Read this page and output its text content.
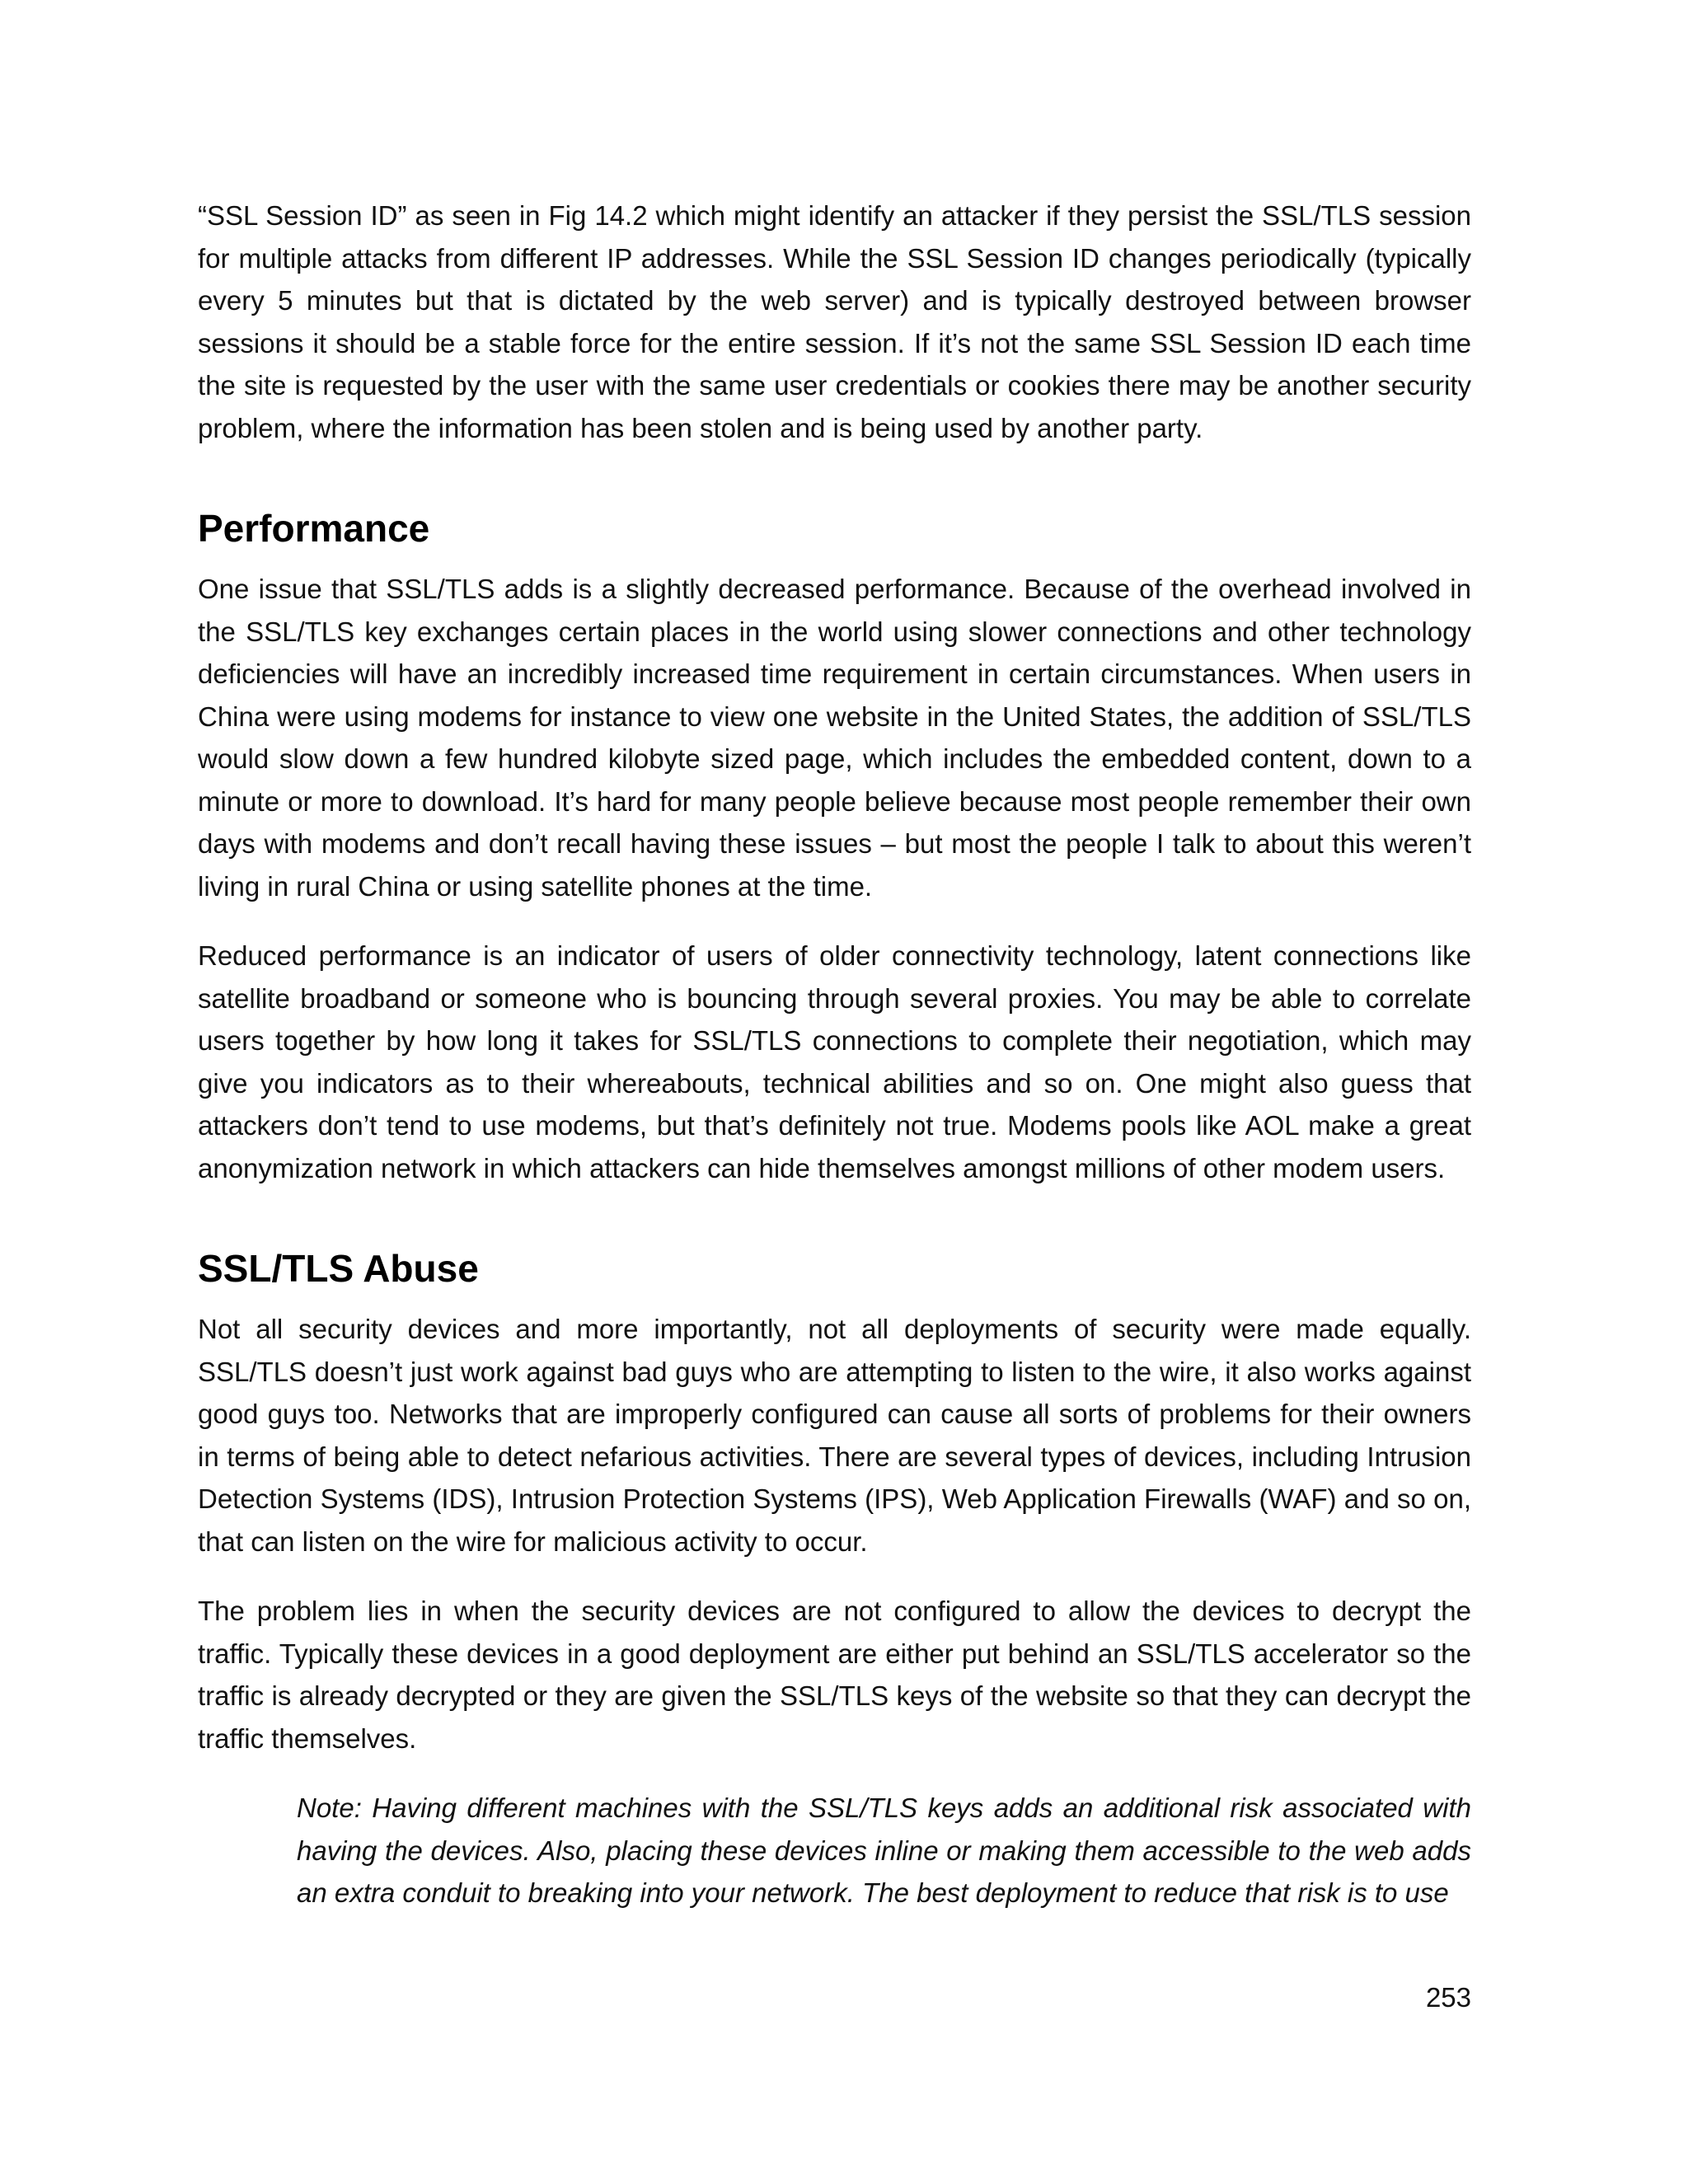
“SSL Session ID” as seen in Fig 14.2 which might identify an attacker if they persist the SSL/TLS session for multiple attacks from different IP addresses. While the SSL Session ID changes periodically (typically every 5 minutes but that is dictated by the web server) and is typically destroyed between browser sessions it should be a stable force for the entire session. If it’s not the same SSL Session ID each time the site is requested by the user with the same user credentials or cookies there may be another security problem, where the information has been stolen and is being used by another party.

Performance

One issue that SSL/TLS adds is a slightly decreased performance. Because of the overhead involved in the SSL/TLS key exchanges certain places in the world using slower connections and other technology deficiencies will have an incredibly increased time requirement in certain circumstances. When users in China were using modems for instance to view one website in the United States, the addition of SSL/TLS would slow down a few hundred kilobyte sized page, which includes the embedded content, down to a minute or more to download. It’s hard for many people believe because most people remember their own days with modems and don’t recall having these issues – but most the people I talk to about this weren’t living in rural China or using satellite phones at the time.

Reduced performance is an indicator of users of older connectivity technology, latent connections like satellite broadband or someone who is bouncing through several proxies. You may be able to correlate users together by how long it takes for SSL/TLS connections to complete their negotiation, which may give you indicators as to their whereabouts, technical abilities and so on. One might also guess that attackers don’t tend to use modems, but that’s definitely not true. Modems pools like AOL make a great anonymization network in which attackers can hide themselves amongst millions of other modem users.

SSL/TLS Abuse

Not all security devices and more importantly, not all deployments of security were made equally. SSL/TLS doesn’t just work against bad guys who are attempting to listen to the wire, it also works against good guys too. Networks that are improperly configured can cause all sorts of problems for their owners in terms of being able to detect nefarious activities. There are several types of devices, including Intrusion Detection Systems (IDS), Intrusion Protection Systems (IPS), Web Application Firewalls (WAF) and so on, that can listen on the wire for malicious activity to occur.

The problem lies in when the security devices are not configured to allow the devices to decrypt the traffic. Typically these devices in a good deployment are either put behind an SSL/TLS accelerator so the traffic is already decrypted or they are given the SSL/TLS keys of the website so that they can decrypt the traffic themselves.

Note: Having different machines with the SSL/TLS keys adds an additional risk associated with having the devices. Also, placing these devices inline or making them accessible to the web adds an extra conduit to breaking into your network. The best deployment to reduce that risk is to use

253
